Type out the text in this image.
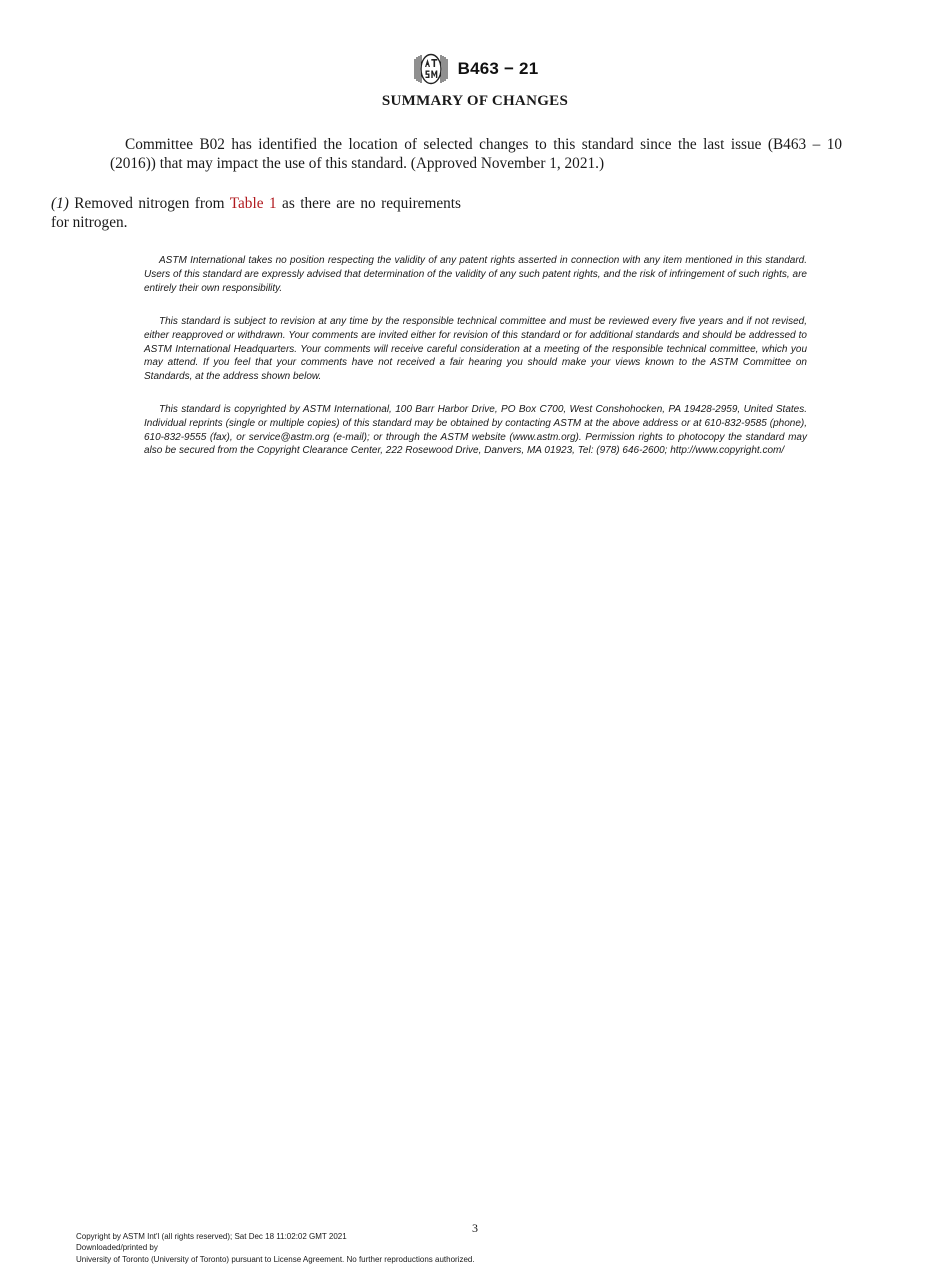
B463 − 21
SUMMARY OF CHANGES

Committee B02 has identified the location of selected changes to this standard since the last issue (B463 – 10 (2016)) that may impact the use of this standard. (Approved November 1, 2021.)

(1) Removed nitrogen from Table 1 as there are no requirements for nitrogen.

ASTM International takes no position respecting the validity of any patent rights asserted in connection with any item mentioned in this standard. Users of this standard are expressly advised that determination of the validity of any such patent rights, and the risk of infringement of such rights, are entirely their own responsibility.

This standard is subject to revision at any time by the responsible technical committee and must be reviewed every five years and if not revised, either reapproved or withdrawn. Your comments are invited either for revision of this standard or for additional standards and should be addressed to ASTM International Headquarters. Your comments will receive careful consideration at a meeting of the responsible technical committee, which you may attend. If you feel that your comments have not received a fair hearing you should make your views known to the ASTM Committee on Standards, at the address shown below.

This standard is copyrighted by ASTM International, 100 Barr Harbor Drive, PO Box C700, West Conshohocken, PA 19428-2959, United States. Individual reprints (single or multiple copies) of this standard may be obtained by contacting ASTM at the above address or at 610-832-9585 (phone), 610-832-9555 (fax), or service@astm.org (e-mail); or through the ASTM website (www.astm.org). Permission rights to photocopy the standard may also be secured from the Copyright Clearance Center, 222 Rosewood Drive, Danvers, MA 01923, Tel: (978) 646-2600; http://www.copyright.com/

3

Copyright by ASTM Int'l (all rights reserved); Sat Dec 18 11:02:02 GMT 2021
Downloaded/printed by
University of Toronto (University of Toronto) pursuant to License Agreement. No further reproductions authorized.
